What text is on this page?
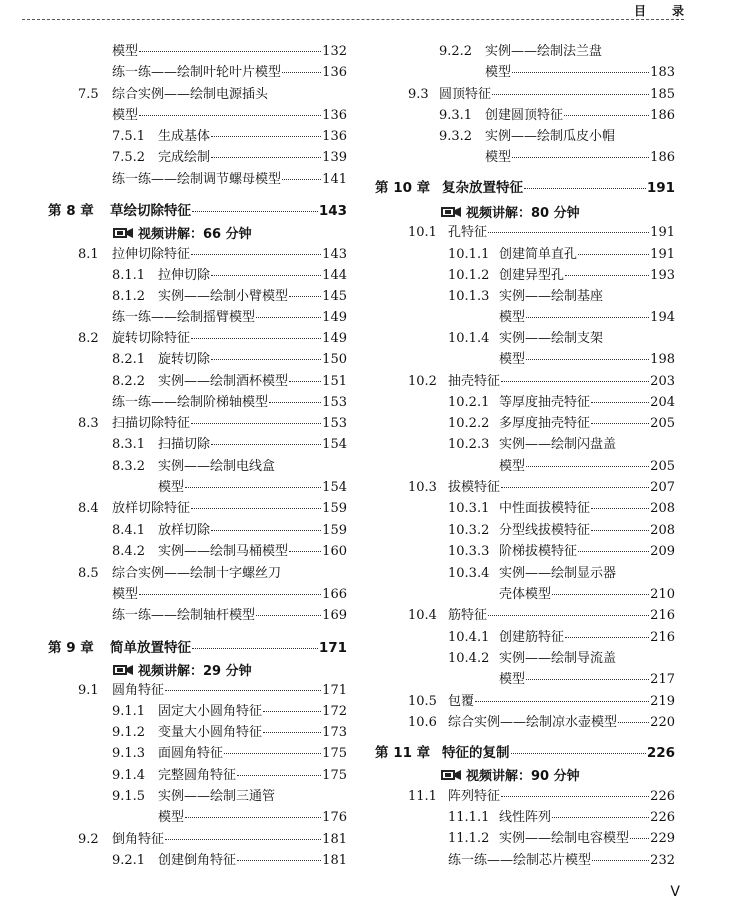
目录
模型	132
练一练——绘制叶轮叶片模型	136
7.5	综合实例——绘制电源插头
模型	136
7.5.1 生成基体	136
7.5.2 完成绘制	139
练一练——绘制调节螺母模型	141
第 8 章	草绘切除特征	143
视频讲解：66 分钟
8.1	拉伸切除特征	143
8.1.1 拉伸切除	144
8.1.2 实例——绘制小臂模型	145
练一练——绘制摇臂模型	149
8.2	旋转切除特征	149
8.2.1 旋转切除	150
8.2.2 实例——绘制酒杯模型	151
练一练——绘制阶梯轴模型	153
8.3	扫描切除特征	153
8.3.1 扫描切除	154
8.3.2 实例——绘制电线盒
模型	154
8.4	放样切除特征	159
8.4.1 放样切除	159
8.4.2 实例——绘制马桶模型	160
8.5	综合实例——绘制十字螺丝刀
模型	166
练一练——绘制轴杆模型	169
第 9 章	简单放置特征	171
视频讲解：29 分钟
9.1	圆角特征	171
9.1.1 固定大小圆角特征	172
9.1.2 变量大小圆角特征	173
9.1.3 面圆角特征	175
9.1.4 完整圆角特征	175
9.1.5 实例——绘制三通管
模型	176
9.2	倒角特征	181
9.2.1 创建倒角特征	181
9.2.2 实例——绘制法兰盘
模型	183
9.3 圆顶特征	185
9.3.1 创建圆顶特征	186
9.3.2 实例——绘制瓜皮小帽
模型	186
第 10 章 复杂放置特征	191
视频讲解：80 分钟
10.1 孔特征	191
10.1.1 创建简单直孔	191
10.1.2 创建异型孔	193
10.1.3 实例——绘制基座
模型	194
10.1.4 实例——绘制支架
模型	198
10.2 抽壳特征	203
10.2.1 等厚度抽壳特征	204
10.2.2 多厚度抽壳特征	205
10.2.3 实例——绘制闪盘盖
模型	205
10.3 拔模特征	207
10.3.1 中性面拔模特征	208
10.3.2 分型线拔模特征	208
10.3.3 阶梯拔模特征	209
10.3.4 实例——绘制显示器
壳体模型	210
10.4 筋特征	216
10.4.1 创建筋特征	216
10.4.2 实例——绘制导流盖
模型	217
10.5 包覆	219
10.6 综合实例——绘制凉水壶模型	220
第 11 章 特征的复制	226
视频讲解：90 分钟
11.1 阵列特征	226
11.1.1 线性阵列	226
11.1.2 实例——绘制电容模型 229
练一练——绘制芯片模型	232
V
